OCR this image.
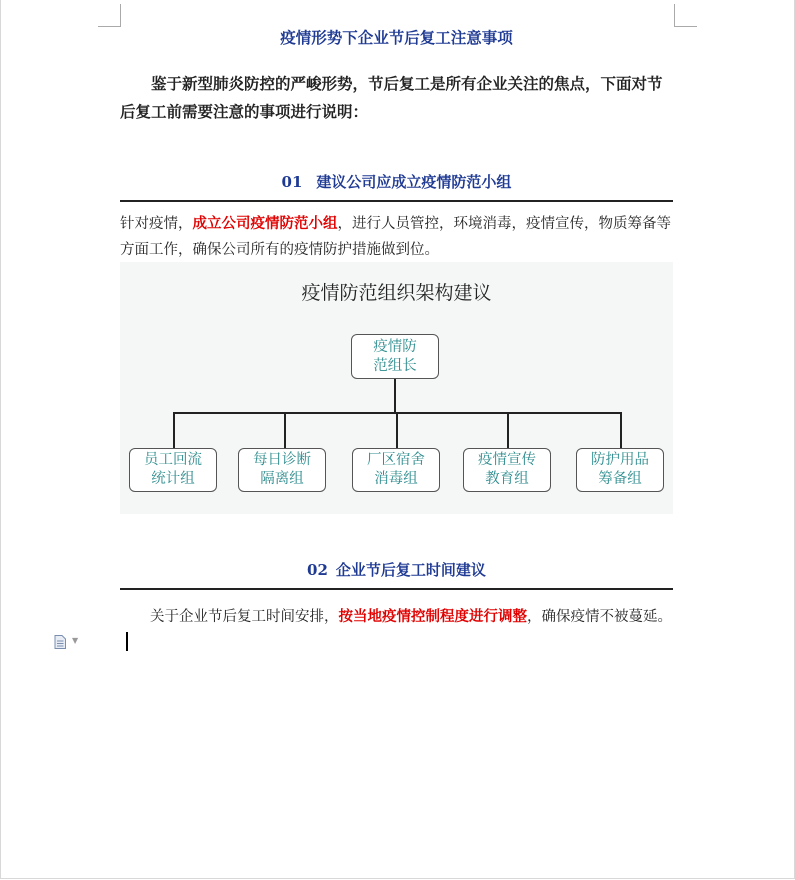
疫情形势下企业节后复工注意事项
鉴于新型肺炎防控的严峻形势，节后复工是所有企业关注的焦点，下面对节后复工前需要注意的事项进行说明：
01 建议公司应成立疫情防范小组
针对疫情，成立公司疫情防范小组，进行人员管控，环境消毒，疫情宣传，物质筹备等方面工作，确保公司所有的疫情防护措施做到位。
疫情防范组织架构建议
疫情防
范组长
员工回流
统计组
每日诊断
隔离组
厂区宿舍
消毒组
疫情宣传
教育组
防护用品
筹备组
02 企业节后复工时间建议
关于企业节后复工时间安排，按当地疫情控制程度进行调整，确保疫情不被蔓延。
▼
